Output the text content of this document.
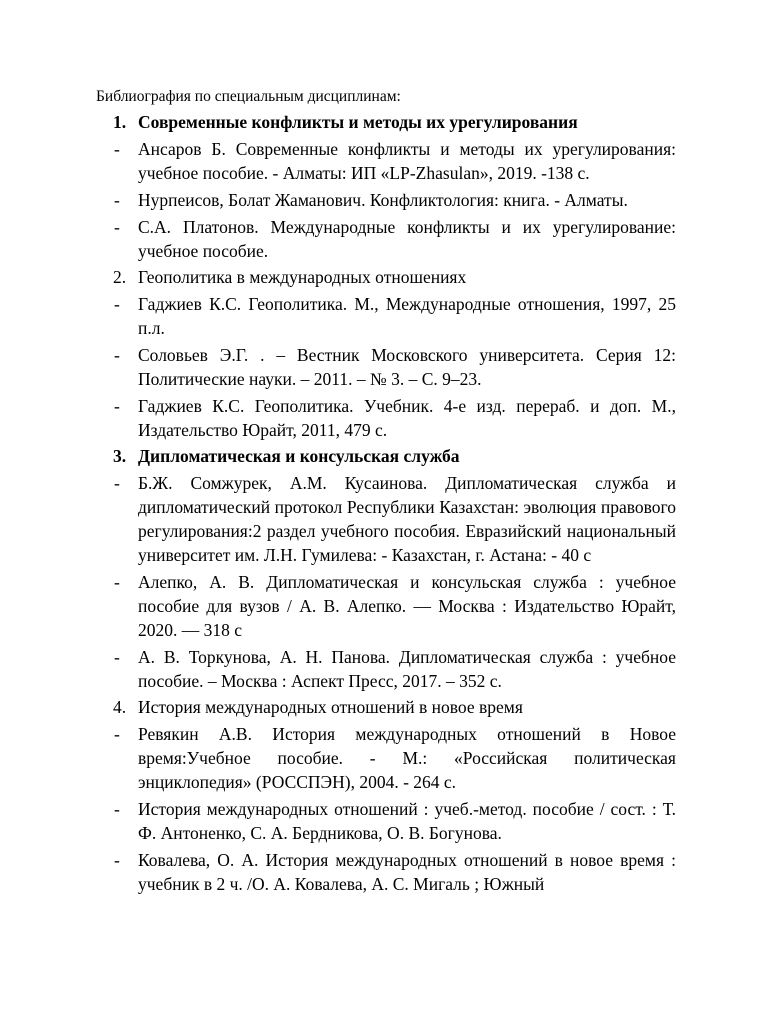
Библиография по специальным дисциплинам:
1. Современные конфликты и методы их урегулирования
- Ансаров Б. Современные конфликты и методы их урегулирования: учебное пособие. - Алматы: ИП «LP-Zhasulan», 2019. -138 с.
- Нурпеисов, Болат Жаманович. Конфликтология: книга. - Алматы.
- С.А. Платонов. Международные конфликты и их урегулирование: учебное пособие.
2. Геополитика в международных отношениях
- Гаджиев К.С. Геополитика. М., Международные отношения, 1997, 25 п.л.
- Соловьев Э.Г. . – Вестник Московского университета. Серия 12: Политические науки. – 2011. – № 3. – С. 9–23.
- Гаджиев К.С. Геополитика. Учебник. 4-е изд. перераб. и доп. М., Издательство Юрайт, 2011, 479 с.
3. Дипломатическая и консульская служба
- Б.Ж. Сомжурек, А.М. Кусаинова. Дипломатическая служба и дипломатический протокол Республики Казахстан: эволюция правового регулирования:2 раздел учебного пособия. Евразийский национальный университет им. Л.Н. Гумилева: - Казахстан, г. Астана: - 40 с
- Алепко, А. В. Дипломатическая и консульская служба : учебное пособие для вузов / А. В. Алепко. — Москва : Издательство Юрайт, 2020. — 318 с
- А. В. Торкунова, А. Н. Панова. Дипломатическая служба : учебное пособие. – Москва : Аспект Пресс, 2017. – 352 с.
4. История международных отношений в новое время
- Ревякин А.В. История международных отношений в Новое время:Учебное пособие. - М.: «Российская политическая энциклопедия» (РОССПЭН), 2004. - 264 с.
- История международных отношений : учеб.-метод. пособие / сост. : Т. Ф. Антоненко, С. А. Бердникова, О. В. Богунова.
- Ковалева, О. А. История международных отношений в новое время : учебник в 2 ч. /О. А. Ковалева, А. С. Мигаль ; Южный
